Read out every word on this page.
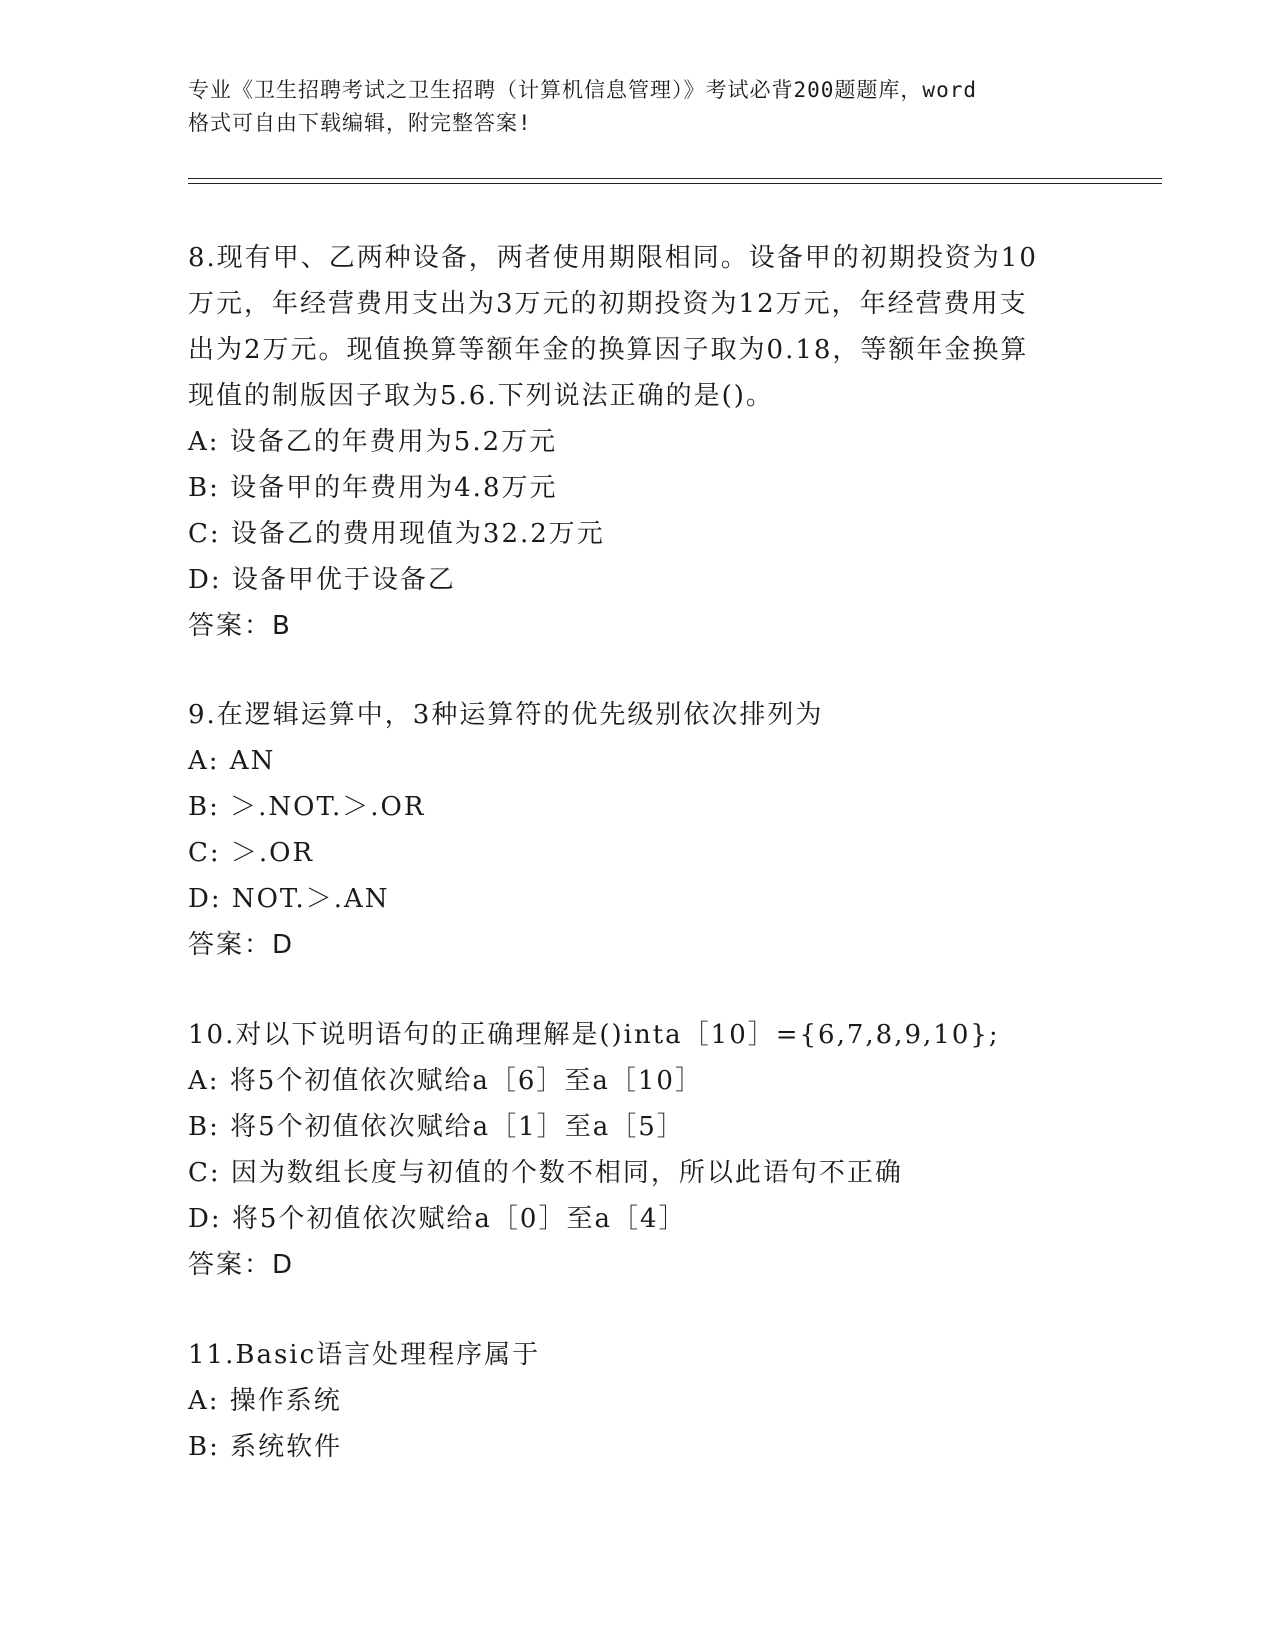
专业《卫生招聘考试之卫生招聘（计算机信息管理）》考试必背200题题库，word
格式可自由下载编辑，附完整答案!
8.现有甲、乙两种设备，两者使用期限相同。设备甲的初期投资为10
万元，年经营费用支出为3万元的初期投资为12万元，年经营费用支
出为2万元。现值换算等额年金的换算因子取为0.18，等额年金换算
现值的制版因子取为5.6.下列说法正确的是()。
A: 设备乙的年费用为5.2万元
B: 设备甲的年费用为4.8万元
C: 设备乙的费用现值为32.2万元
D: 设备甲优于设备乙
答案：B
9.在逻辑运算中，3种运算符的优先级别依次排列为
A: AN
B: ＞.NOT.＞.OR
C: ＞.OR
D: NOT.＞.AN
答案：D
10.对以下说明语句的正确理解是()inta［10］={6,7,8,9,10};
A: 将5个初值依次赋给a［6］至a［10］
B: 将5个初值依次赋给a［1］至a［5］
C: 因为数组长度与初值的个数不相同，所以此语句不正确
D: 将5个初值依次赋给a［0］至a［4］
答案：D
11.Basic语言处理程序属于
A: 操作系统
B: 系统软件
